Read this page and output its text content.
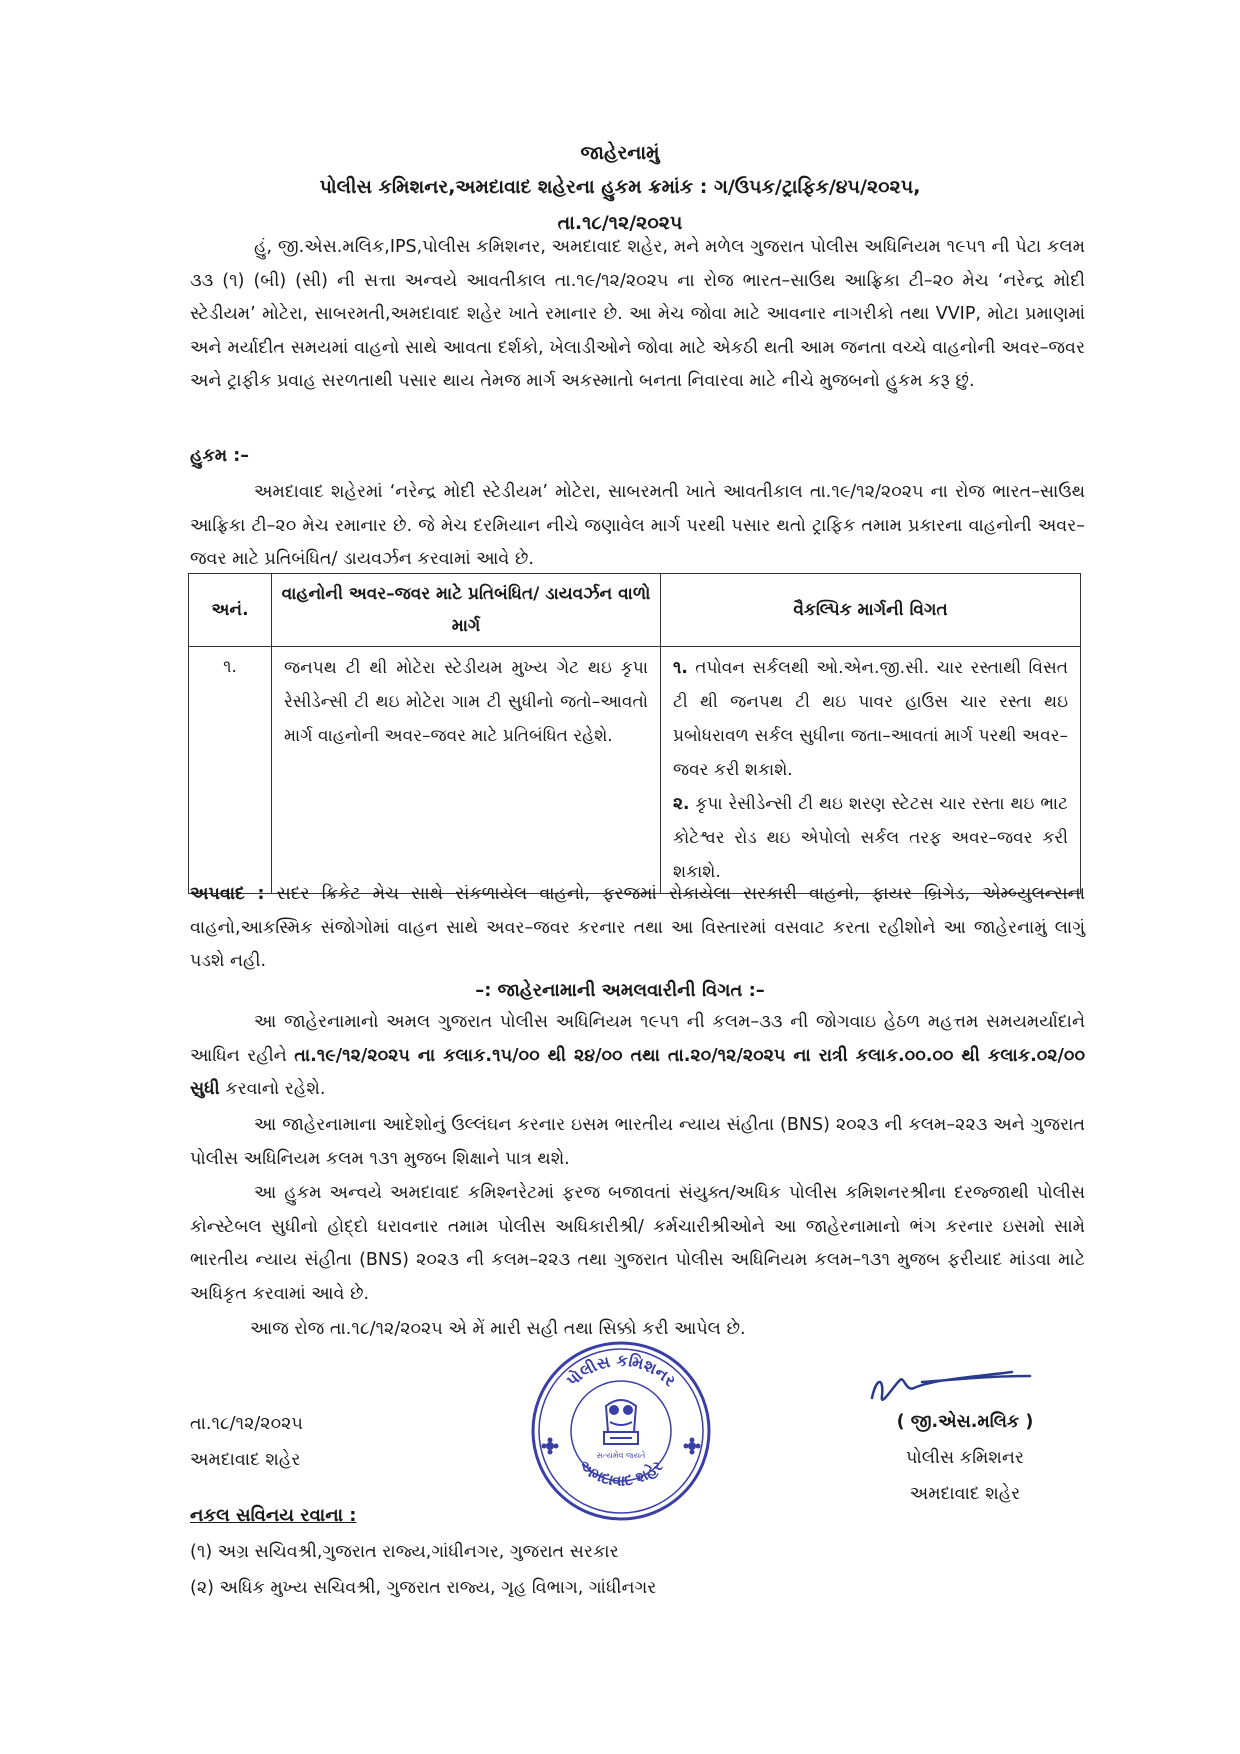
જાહેરનામું
પોલીસ કમિશનર,અમદાવાદ શહેરના હુકમ ક્રમાંક : ગ/ઉપક/ટ્રાફિક/૪૫/૨૦૨૫,
તા.૧૮/૧૨/૨૦૨૫

હું, જી.એસ.મલિક,IPS,પોલીસ કમિશનર, અમદાવાદ શહેર, મને મળેલ ગુજરાત પોલીસ અધિનિયમ ૧૯૫૧ ની પેટા કલમ ૩૩ (૧) (બી) (સી) ની સત્તા અન્વયે આવતીકાલ તા.૧૯/૧૨/૨૦૨૫ ના રોજ ભારત–સાઉથ આફ્રિકા ટી–૨૦ મેચ ‘નરેન્દ્ર મોદી સ્ટેડીયમ’ મોટેરા, સાબરમતી,અમદાવાદ શહેર ખાતે રમાનાર છે. આ મેચ જોવા માટે આવનાર નાગરીકો તથા VVIP, મોટા પ્રમાણમાં અને મર્યાદીત સમયમાં વાહનો સાથે આવતા દર્શકો, ખેલાડીઓને જોવા માટે એકઠી થતી આમ જનતા વચ્ચે વાહનોની અવર–જવર અને ટ્રાફીક પ્રવાહ સરળતાથી પસાર થાય તેમજ માર્ગ અકસ્માતો બનતા નિવારવા માટે નીચે મુજબનો હુકમ કરૂ છું.

હુકમ :–

અમદાવાદ શહેરમાં ‘નરેન્દ્ર મોદી સ્ટેડીયમ’ મોટેરા, સાબરમતી ખાતે આવતીકાલ તા.૧૯/૧૨/૨૦૨૫ ના રોજ ભારત–સાઉથ આફ્રિકા ટી–૨૦ મેચ રમાનાર છે. જે મેચ દરમિયાન નીચે જણાવેલ માર્ગ પરથી પસાર થતો ટ્રાફિક તમામ પ્રકારના વાહનોની અવર–જવર માટે પ્રતિબંધિત/ ડાયવર્ઝન કરવામાં આવે છે.

અનં.	વાહનોની અવર–જવર માટે પ્રતિબંધિત/ ડાયવર્ઝન વાળો માર્ગ	વૈકલ્પિક માર્ગની વિગત
૧.	જનપથ ટી થી મોટેરા સ્ટેડીયમ મુખ્ય ગેટ થઇ કૃપા રેસીડેન્સી ટી થઇ મોટેરા ગામ ટી સુધીનો જતો–આવતો માર્ગ વાહનોની અવર–જવર માટે પ્રતિબંધિત રહેશે.	૧. તપોવન સર્કલથી ઓ.એન.જી.સી. ચાર રસ્તાથી વિસત ટી થી જનપથ ટી થઇ પાવર હાઉસ ચાર રસ્તા થઇ પ્રબોધરાવળ સર્કલ સુધીના જતા–આવતાં માર્ગ પરથી અવર–જવર કરી શકાશે.
૨. કૃપા રેસીડેન્સી ટી થઇ શરણ સ્ટેટસ ચાર રસ્તા થઇ ભાટ કોટેશ્વર રોડ થઇ એપોલો સર્કલ તરફ અવર–જવર કરી શકાશે.

અપવાદ : સદર ક્રિકેટ મેચ સાથે સંકળાયેલ વાહનો, ફરજમાં રોકાયેલા સરકારી વાહનો, ફાયર બ્રિગેડ, એમ્બ્યુલન્સના વાહનો,આકસ્મિક સંજોગોમાં વાહન સાથે અવર–જવર કરનાર તથા આ વિસ્તારમાં વસવાટ કરતા રહીશોને આ જાહેરનામું લાગું પડશે નહી.

–: જાહેરનામાની અમલવારીની વિગત :–

આ જાહેરનામાનો અમલ ગુજરાત પોલીસ અધિનિયમ ૧૯૫૧ ની કલમ–૩૩ ની જોગવાઇ હેઠળ મહત્તમ સમયમર્યાદાને આધિન રહીને તા.૧૯/૧૨/૨૦૨૫ ના કલાક.૧૫/૦૦ થી ૨૪/૦૦ તથા તા.૨૦/૧૨/૨૦૨૫ ના રાત્રી કલાક.૦૦.૦૦ થી કલાક.૦૨/૦૦ સુધી કરવાનો રહેશે.

આ જાહેરનામાના આદેશોનું ઉલ્લંઘન કરનાર ઇસમ ભારતીય ન્યાય સંહીતા (BNS) ૨૦૨૩ ની કલમ–૨૨૩ અને ગુજરાત પોલીસ અધિનિયમ કલમ ૧૩૧ મુજબ શિક્ષાને પાત્ર થશે.

આ હુકમ અન્વયે અમદાવાદ કમિશ્નરેટમાં ફરજ બજાવતાં સંયુક્ત/અધિક પોલીસ કમિશનરશ્રીના દરજ્જાથી પોલીસ કોન્સ્ટેબલ સુધીનો હોદ્દો ધરાવનાર તમામ પોલીસ અધિકારીશ્રી/ કર્મચારીશ્રીઓને આ જાહેરનામાનો ભંગ કરનાર ઇસમો સામે ભારતીય ન્યાય સંહીતા (BNS) ૨૦૨૩ ની કલમ–૨૨૩ તથા ગુજરાત પોલીસ અધિનિયમ કલમ–૧૩૧ મુજબ ફરીયાદ માંડવા માટે અધિકૃત કરવામાં આવે છે.

આજ રોજ તા.૧૮/૧૨/૨૦૨૫ એ મેં મારી સહી તથા સિક્કો કરી આપેલ છે.

તા.૧૮/૧૨/૨૦૨૫
અમદાવાદ શહેર
પોલીસ કમિશનર
અમદાવાદ શહેર
સત્યમેવ જયતે
( જી.એસ.મલિક )
પોલીસ કમિશનર
અમદાવાદ શહેર
નકલ સવિનય રવાના :
(૧) અગ્ર સચિવશ્રી,ગુજરાત રાજ્ય,ગાંધીનગર, ગુજરાત સરકાર
(૨) અધિક મુખ્ય સચિવશ્રી, ગુજરાત રાજ્ય, ગૃહ વિભાગ, ગાંધીનગર
